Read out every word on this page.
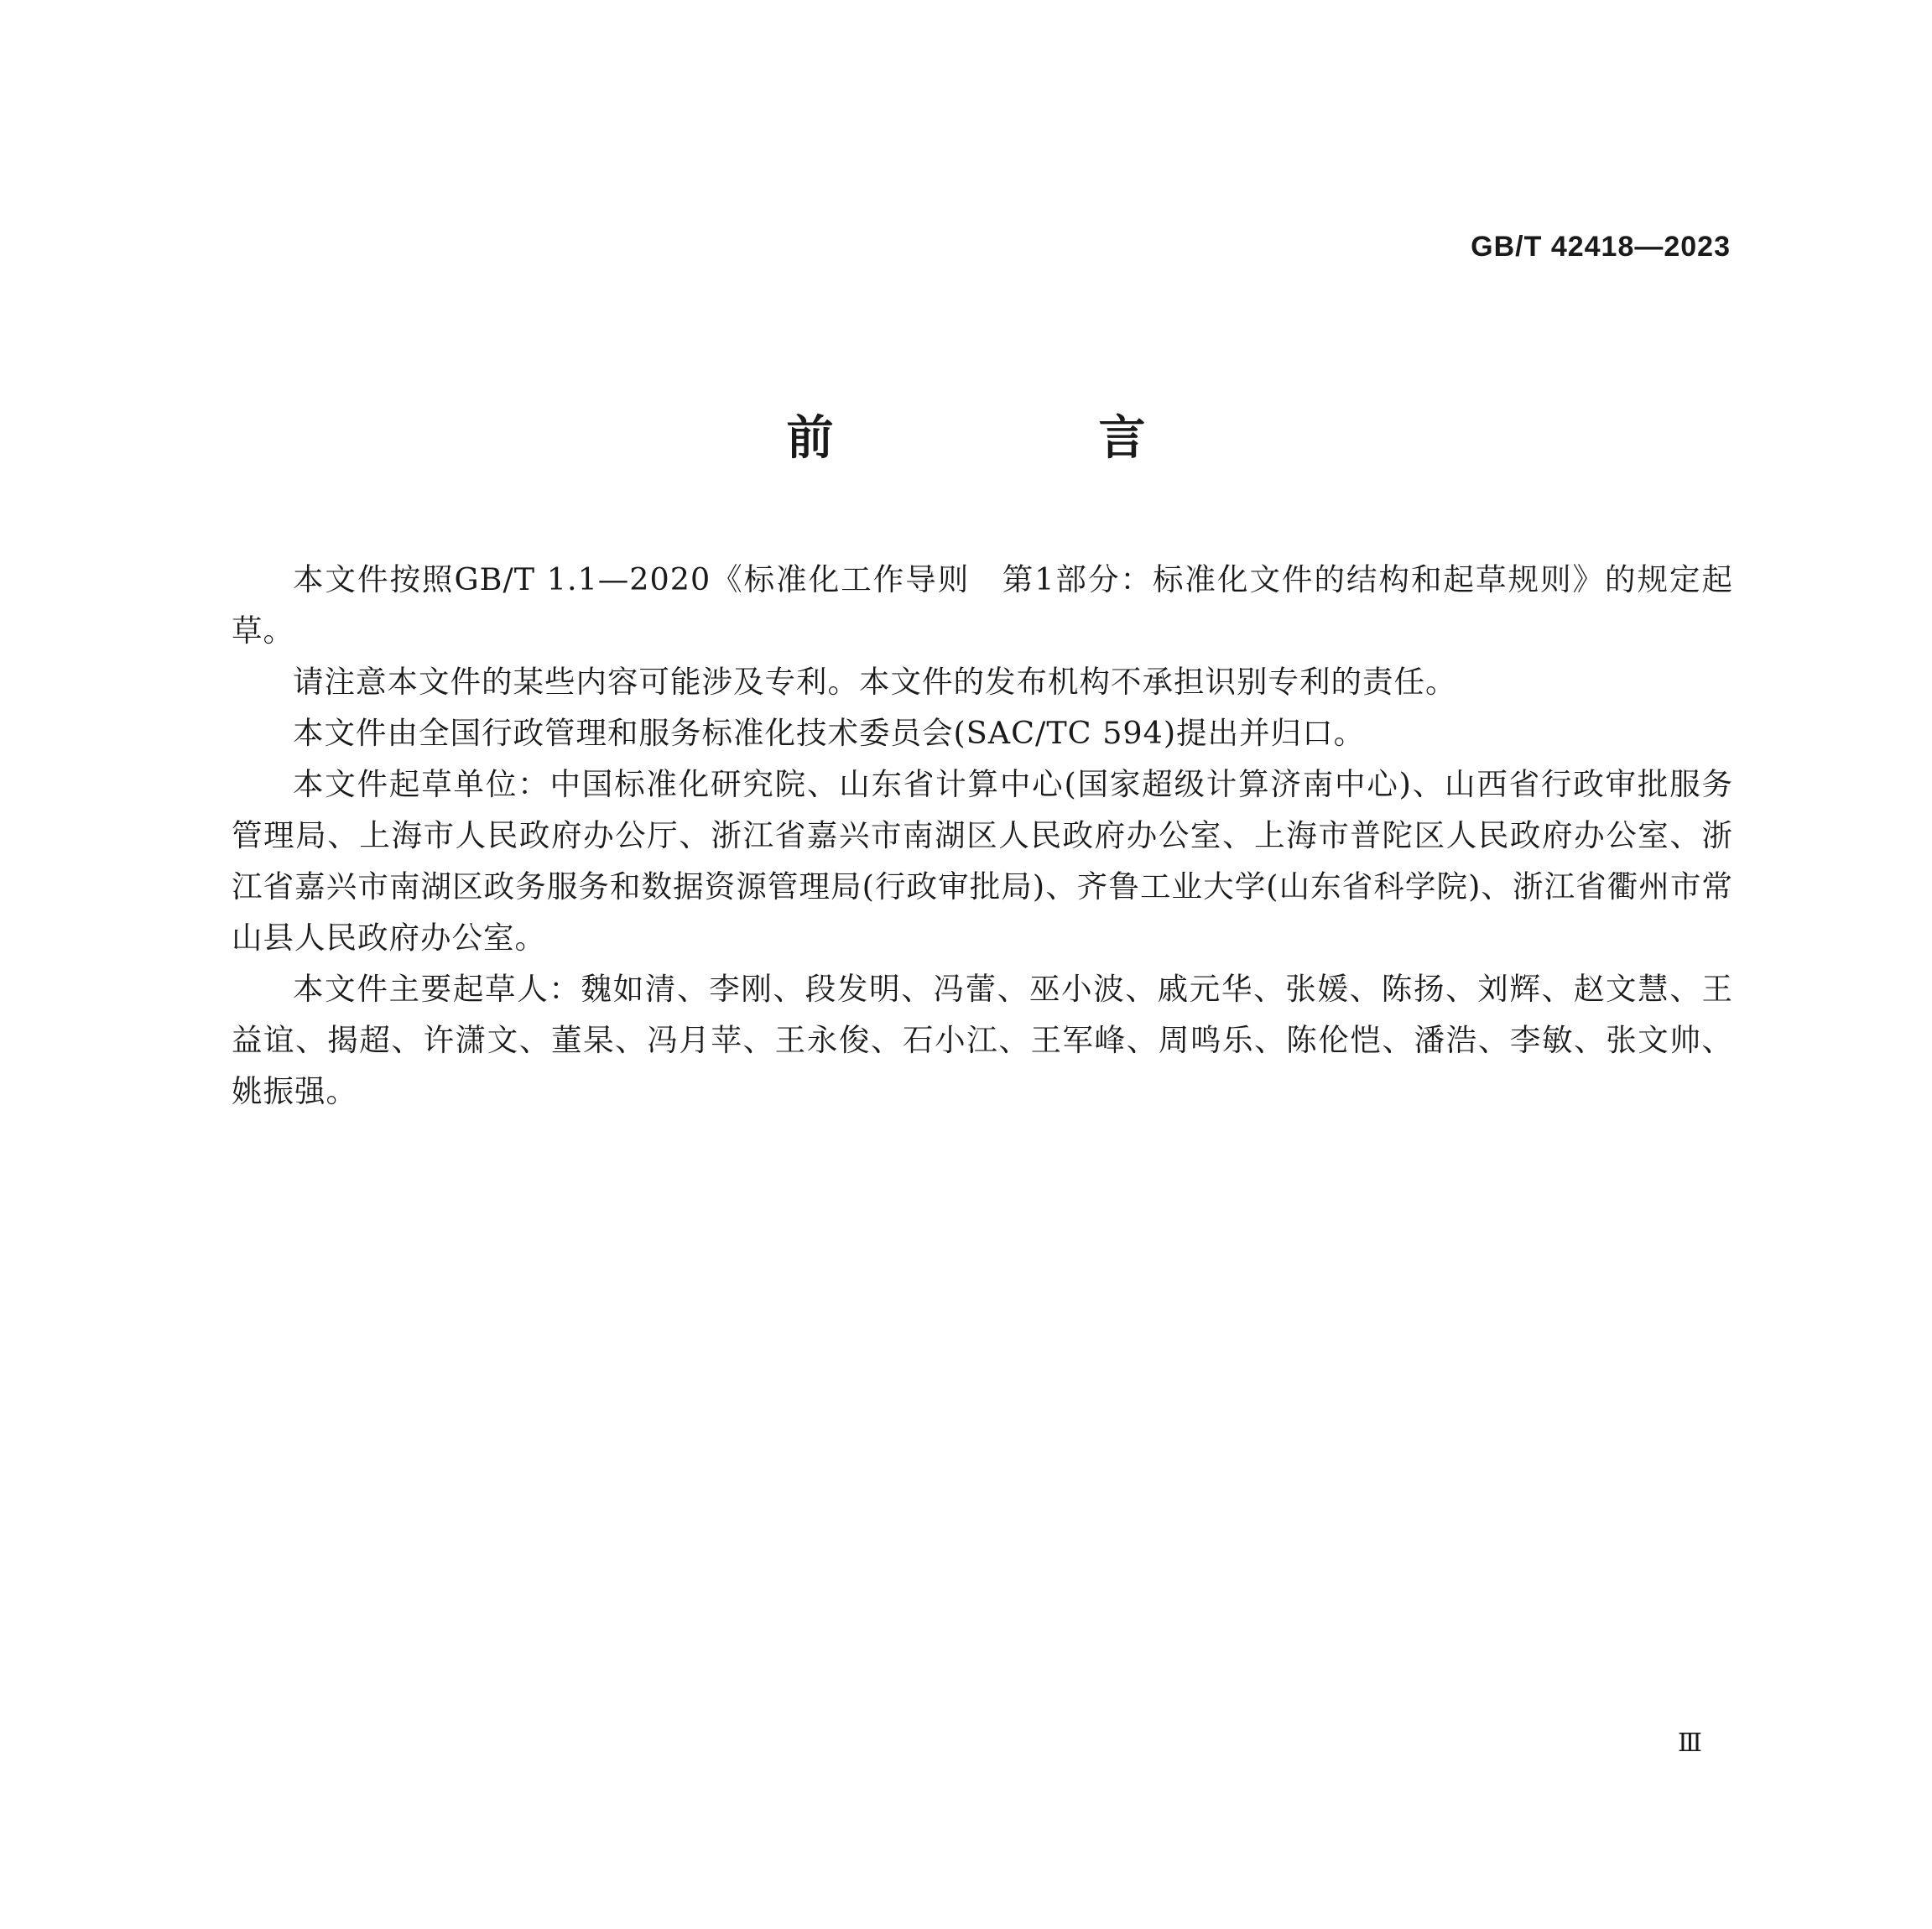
GB/T 42418—2023
前　言

本文件按照GB/T 1.1—2020《标准化工作导则　第1部分：标准化文件的结构和起草规则》的规定起草。

请注意本文件的某些内容可能涉及专利。本文件的发布机构不承担识别专利的责任。

本文件由全国行政管理和服务标准化技术委员会(SAC/TC 594)提出并归口。

本文件起草单位：中国标准化研究院、山东省计算中心(国家超级计算济南中心)、山西省行政审批服务管理局、上海市人民政府办公厅、浙江省嘉兴市南湖区人民政府办公室、上海市普陀区人民政府办公室、浙江省嘉兴市南湖区政务服务和数据资源管理局(行政审批局)、齐鲁工业大学(山东省科学院)、浙江省衢州市常山县人民政府办公室。

本文件主要起草人：魏如清、李刚、段发明、冯蕾、巫小波、戚元华、张媛、陈扬、刘辉、赵文慧、王益谊、揭超、许潇文、董杲、冯月苹、王永俊、石小江、王军峰、周鸣乐、陈伦恺、潘浩、李敏、张文帅、姚振强。

Ⅲ
